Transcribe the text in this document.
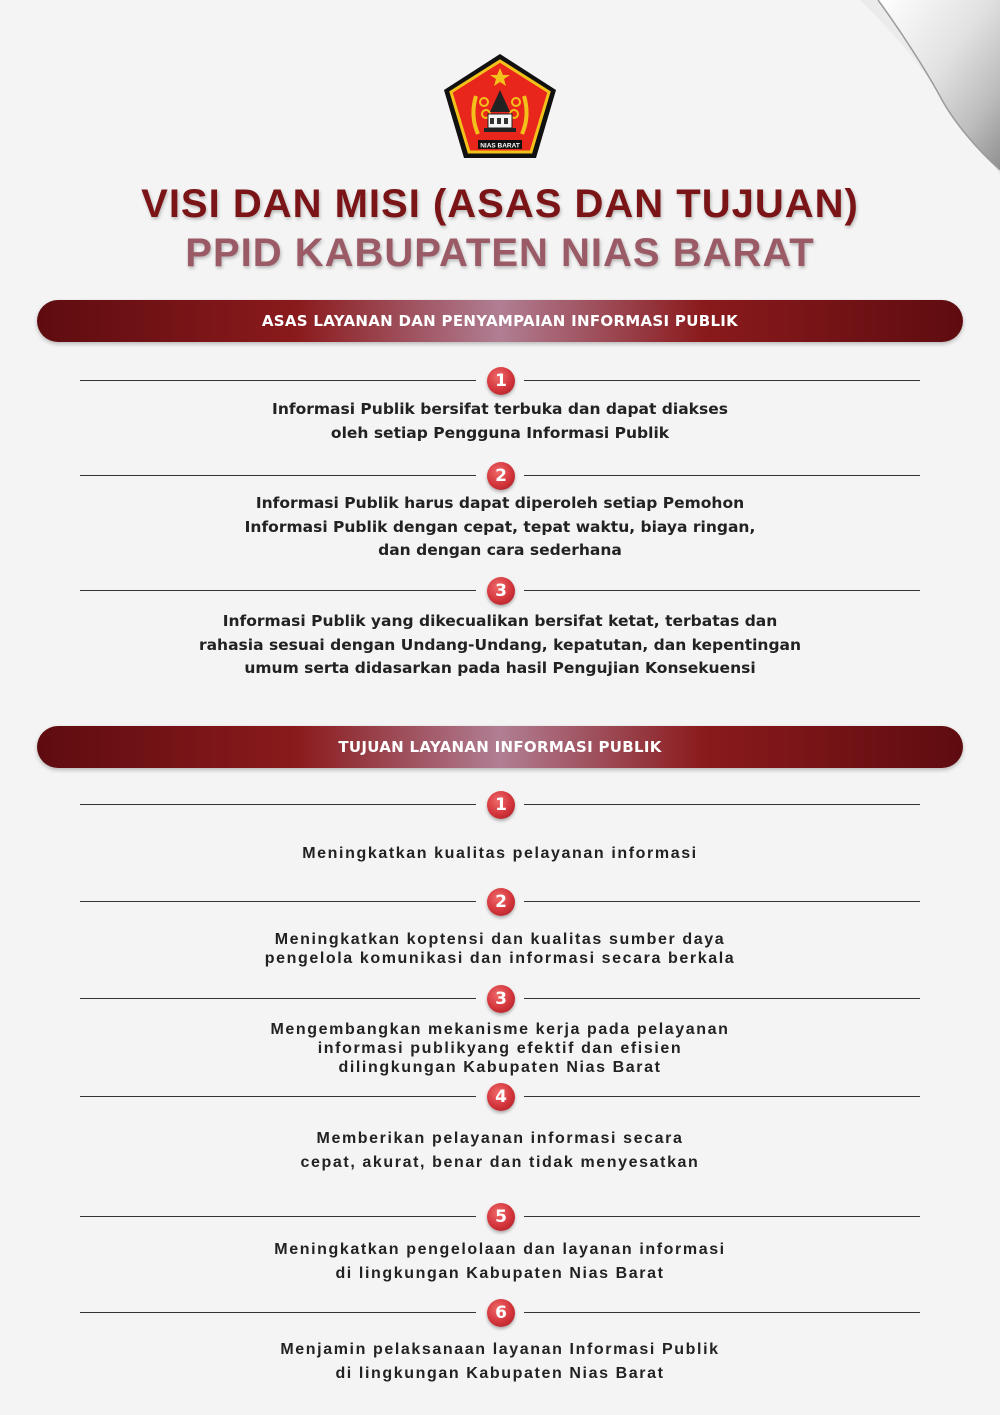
NIAS BARAT
VISI DAN MISI (ASAS DAN TUJUAN)
PPID KABUPATEN NIAS BARAT
ASAS LAYANAN DAN PENYAMPAIAN INFORMASI PUBLIK
1
Informasi Publik bersifat terbuka dan dapat diakses
oleh setiap Pengguna Informasi Publik
2
Informasi Publik harus dapat diperoleh setiap Pemohon
Informasi Publik dengan cepat, tepat waktu, biaya ringan,
dan dengan cara sederhana
3
Informasi Publik yang dikecualikan bersifat ketat, terbatas dan
rahasia sesuai dengan Undang-Undang, kepatutan, dan kepentingan
umum serta didasarkan pada hasil Pengujian Konsekuensi
TUJUAN LAYANAN INFORMASI PUBLIK
1
Meningkatkan kualitas pelayanan informasi
2
Meningkatkan koptensi dan kualitas sumber daya
pengelola komunikasi dan informasi secara berkala
3
Mengembangkan mekanisme kerja pada pelayanan
informasi publikyang efektif dan efisien
dilingkungan Kabupaten Nias Barat
4
Memberikan pelayanan informasi secara
cepat, akurat, benar dan tidak menyesatkan
5
Meningkatkan pengelolaan dan layanan informasi
di lingkungan Kabupaten Nias Barat
6
Menjamin pelaksanaan layanan Informasi Publik
di lingkungan Kabupaten Nias Barat
